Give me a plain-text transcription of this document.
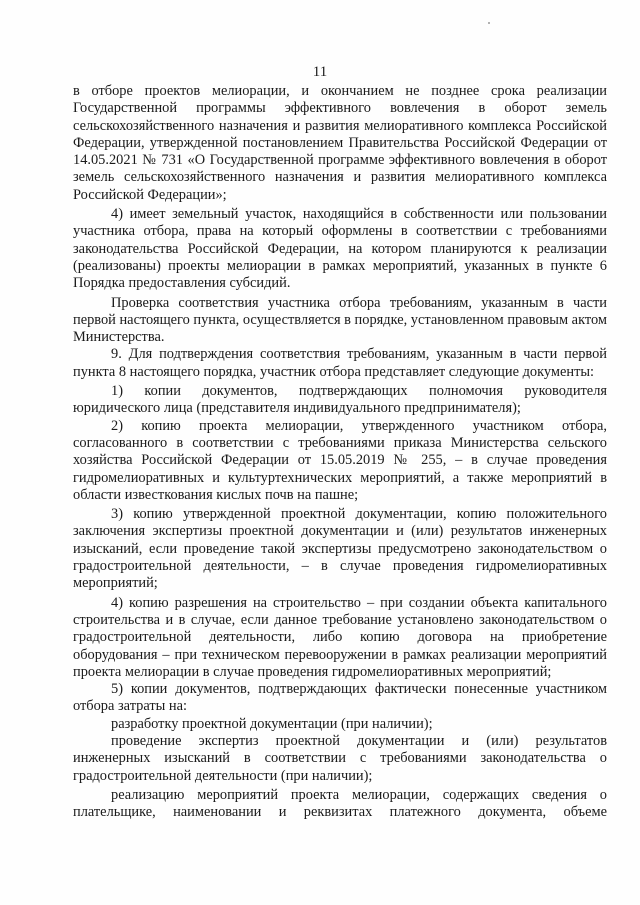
11

в отборе проектов мелиорации, и окончанием не позднее срока реализации Государственной программы эффективного вовлечения в оборот земель сельскохозяйственного назначения и развития мелиоративного комплекса Российской Федерации, утвержденной постановлением Правительства Российской Федерации от 14.05.2021 № 731 «О Государственной программе эффективного вовлечения в оборот земель сельскохозяйственного назначения и развития мелиоративного комплекса Российской Федерации»;

4) имеет земельный участок, находящийся в собственности или пользовании участника отбора, права на который оформлены в соответствии с требованиями законодательства Российской Федерации, на котором планируются к реализации (реализованы) проекты мелиорации в рамках мероприятий, указанных в пункте 6 Порядка предоставления субсидий.

Проверка соответствия участника отбора требованиям, указанным в части первой настоящего пункта, осуществляется в порядке, установленном правовым актом Министерства.

9. Для подтверждения соответствия требованиям, указанным в части первой пункта 8 настоящего порядка, участник отбора представляет следующие документы:

1) копии документов, подтверждающих полномочия руководителя юридического лица (представителя индивидуального предпринимателя);

2) копию проекта мелиорации, утвержденного участником отбора, согласованного в соответствии с требованиями приказа Министерства сельского хозяйства Российской Федерации от 15.05.2019 № 255, – в случае проведения гидромелиоративных и культуртехнических мероприятий, а также мероприятий в области известкования кислых почв на пашне;

3) копию утвержденной проектной документации, копию положительного заключения экспертизы проектной документации и (или) результатов инженерных изысканий, если проведение такой экспертизы предусмотрено законодательством о градостроительной деятельности, – в случае проведения гидромелиоративных мероприятий;

4) копию разрешения на строительство – при создании объекта капитального строительства и в случае, если данное требование установлено законодательством о градостроительной деятельности, либо копию договора на приобретение оборудования – при техническом перевооружении в рамках реализации мероприятий проекта мелиорации в случае проведения гидромелиоративных мероприятий;

5) копии документов, подтверждающих фактически понесенные участником отбора затраты на:

разработку проектной документации (при наличии);

проведение экспертиз проектной документации и (или) результатов инженерных изысканий в соответствии с требованиями законодательства о градостроительной деятельности (при наличии);

реализацию мероприятий проекта мелиорации, содержащих сведения о плательщике, наименовании и реквизитах платежного документа, объеме
